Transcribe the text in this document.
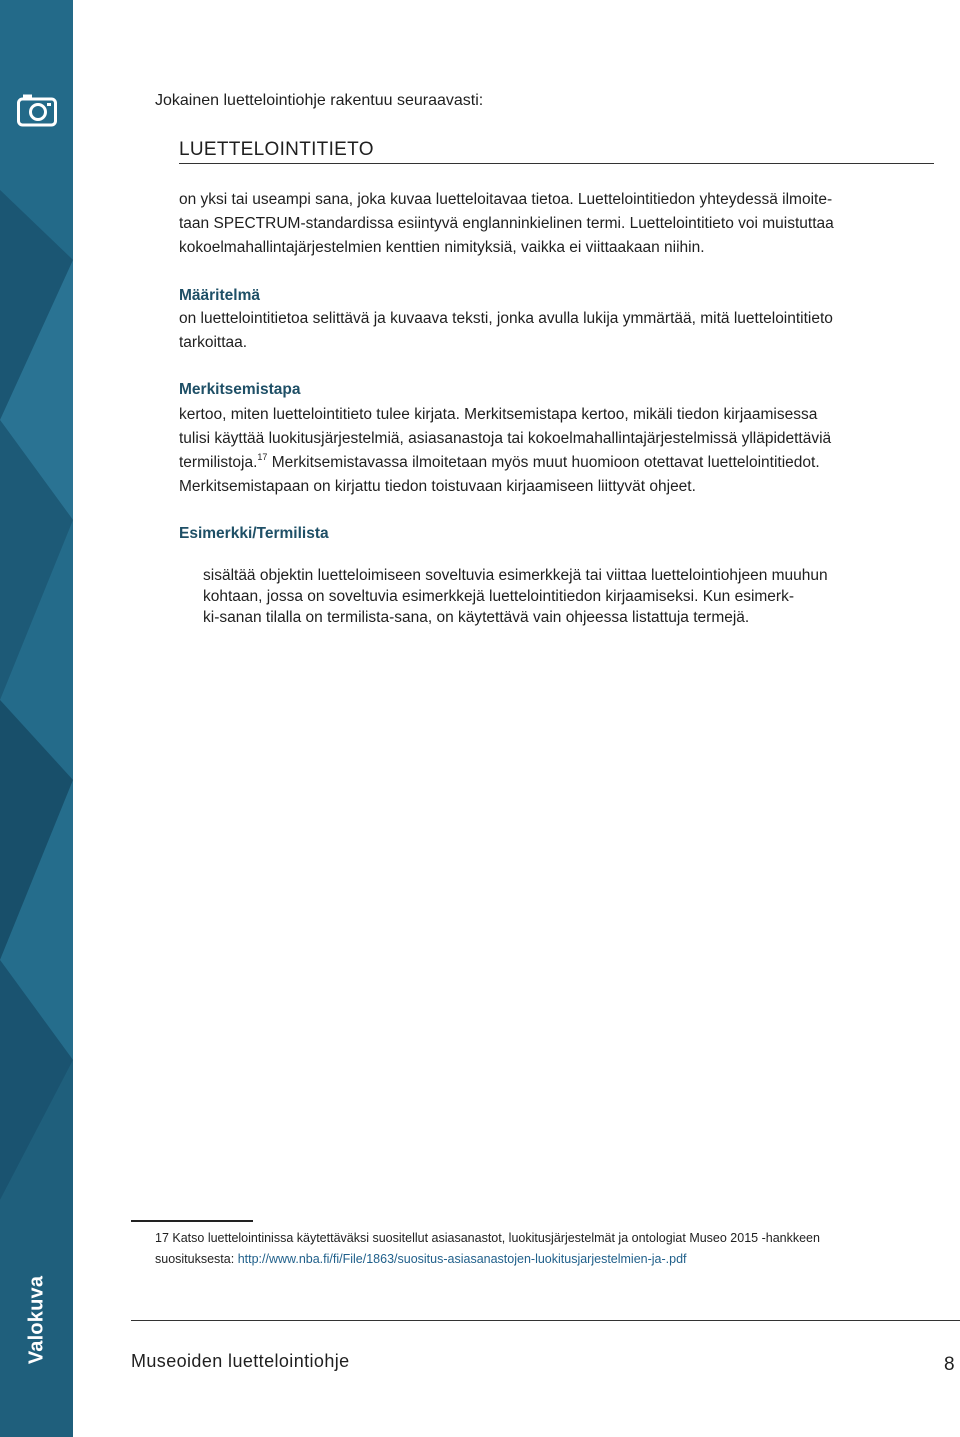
Valokuva
Jokainen luettelointiohje rakentuu seuraavasti:
LUETTELOINTITIETO
on yksi tai useampi sana, joka kuvaa luetteloitavaa tietoa. Luettelointitiedon yhteydessä ilmoite-
taan SPECTRUM-standardissa esiintyvä englanninkielinen termi. Luettelointitieto voi muistuttaa
kokoelmahallintajärjestelmien kenttien nimityksiä, vaikka ei viittaakaan niihin.
Määritelmä
on luettelointitietoa selittävä ja kuvaava teksti, jonka avulla lukija ymmärtää, mitä luettelointitieto
tarkoittaa.
Merkitsemistapa
kertoo, miten luettelointitieto tulee kirjata. Merkitsemistapa kertoo, mikäli tiedon kirjaamisessa
tulisi käyttää luokitusjärjestelmiä, asiasanastoja tai kokoelmahallintajärjestelmissä ylläpidettäviä
termilistoja.$^{17}$ Merkitsemistavassa ilmoitetaan myös muut huomioon otettavat luettelointitiedot.
Merkitsemistapaan on kirjattu tiedon toistuvaan kirjaamiseen liittyvät ohjeet.
Esimerkki/Termilista
sisältää objektin luetteloimiseen soveltuvia esimerkkejä tai viittaa luettelointiohjeen muuhun
kohtaan, jossa on soveltuvia esimerkkejä luettelointitiedon kirjaamiseksi. Kun esimerk-
ki-sanan tilalla on termilista-sana, on käytettävä vain ohjeessa listattuja termejä.
17 Katso luettelointinissa käytettäväksi suositellut asiasanastot, luokitusjärjestelmät ja ontologiat Museo 2015 -hankkeen
suosituksesta: http://www.nba.fi/fi/File/1863/suositus-asiasanastojen-luokitusjarjestelmien-ja-.pdf
Museoiden luettelointiohje	8
